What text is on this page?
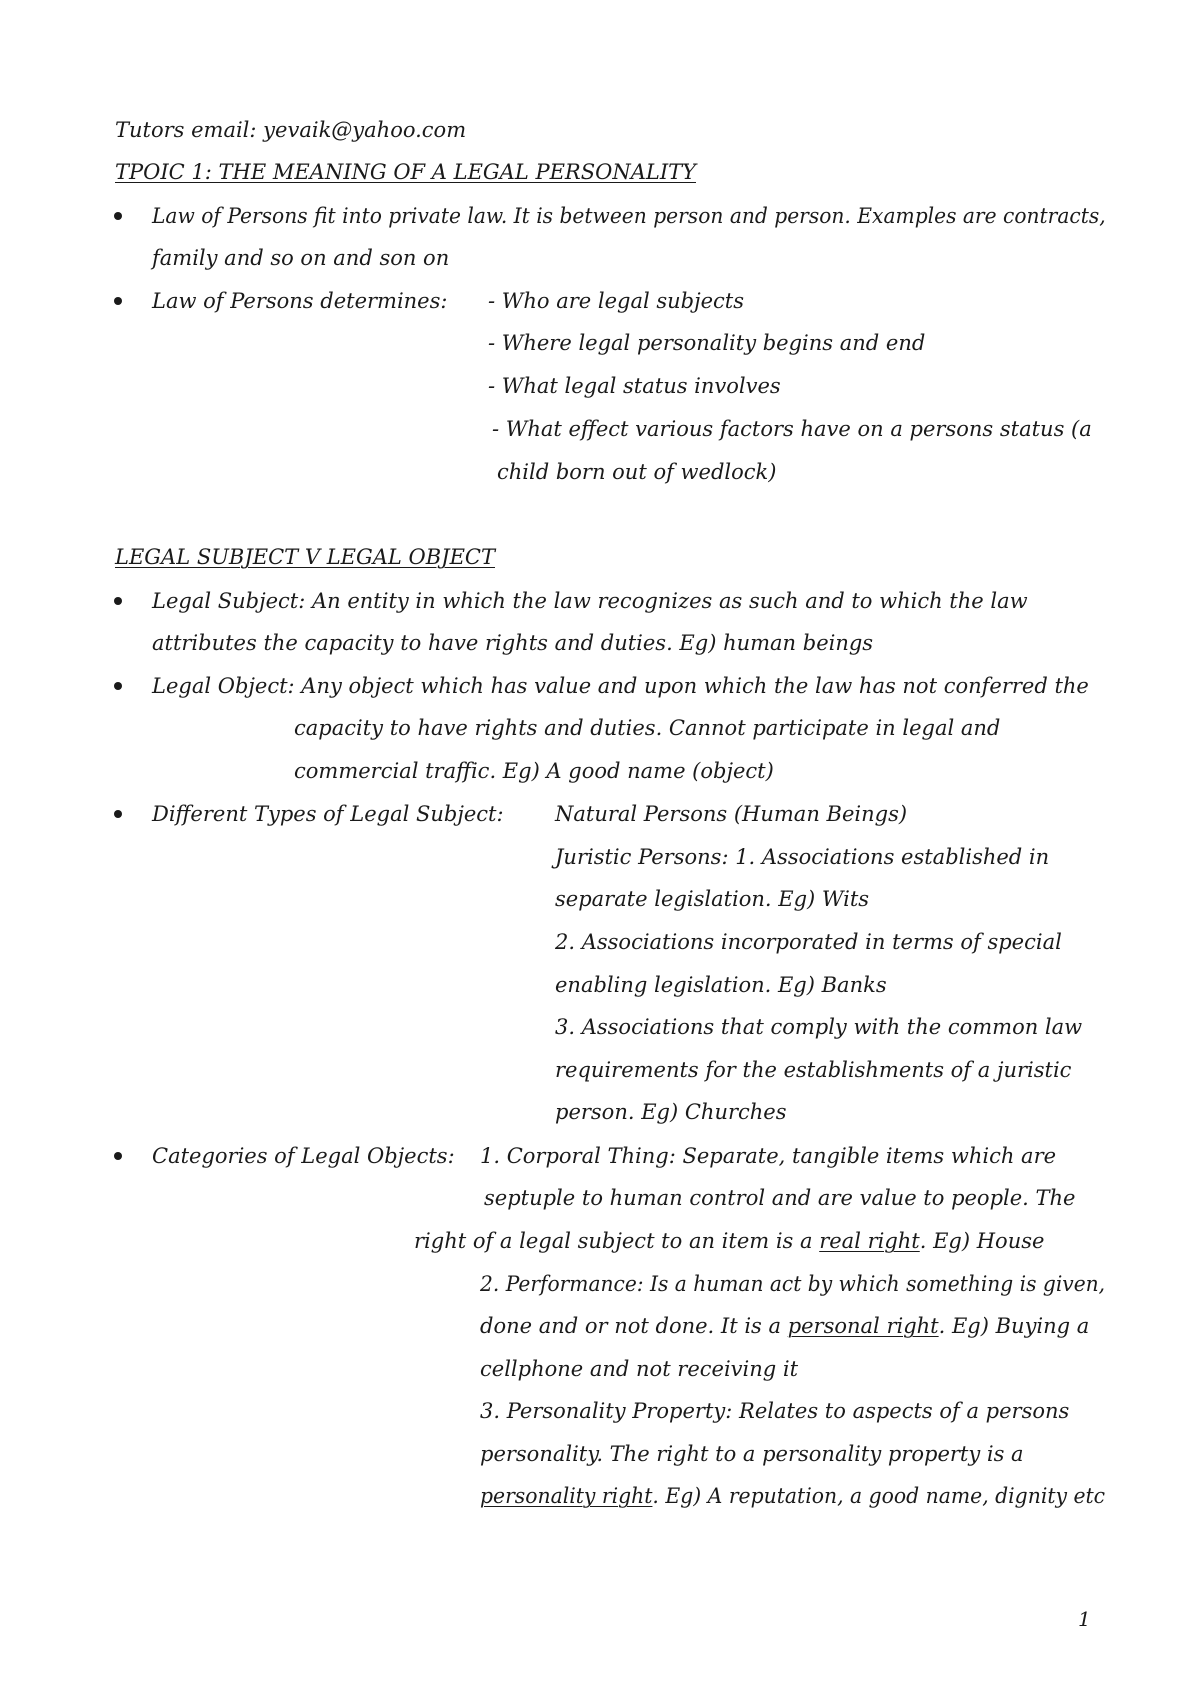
Tutors email: yevaik@yahoo.com
TPOIC 1: THE MEANING OF A LEGAL PERSONALITY
Law of Persons fit into private law. It is between person and person. Examples are contracts,
family and so on and son on
Law of Persons determines: - Who are legal subjects
- Where legal personality begins and end
- What legal status involves
- What effect various factors have on a persons status (a
child born out of wedlock)
LEGAL SUBJECT V LEGAL OBJECT
Legal Subject: An entity in which the law recognizes as such and to which the law
attributes the capacity to have rights and duties. Eg) human beings
Legal Object: Any object which has value and upon which the law has not conferred the
capacity to have rights and duties. Cannot participate in legal and
commercial traffic. Eg) A good name (object)
Different Types of Legal Subject: Natural Persons (Human Beings)
Juristic Persons: 1. Associations established in
separate legislation. Eg) Wits
2. Associations incorporated in terms of special
enabling legislation. Eg) Banks
3. Associations that comply with the common law
requirements for the establishments of a juristic
person. Eg) Churches
Categories of Legal Objects: 1. Corporal Thing: Separate, tangible items which are
septuple to human control and are value to people. The
right of a legal subject to an item is a real right. Eg) House
2. Performance: Is a human act by which something is given,
done and or not done. It is a personal right. Eg) Buying a
cellphone and not receiving it
3. Personality Property: Relates to aspects of a persons
personality. The right to a personality property is a
personality right. Eg) A reputation, a good name, dignity etc
1
